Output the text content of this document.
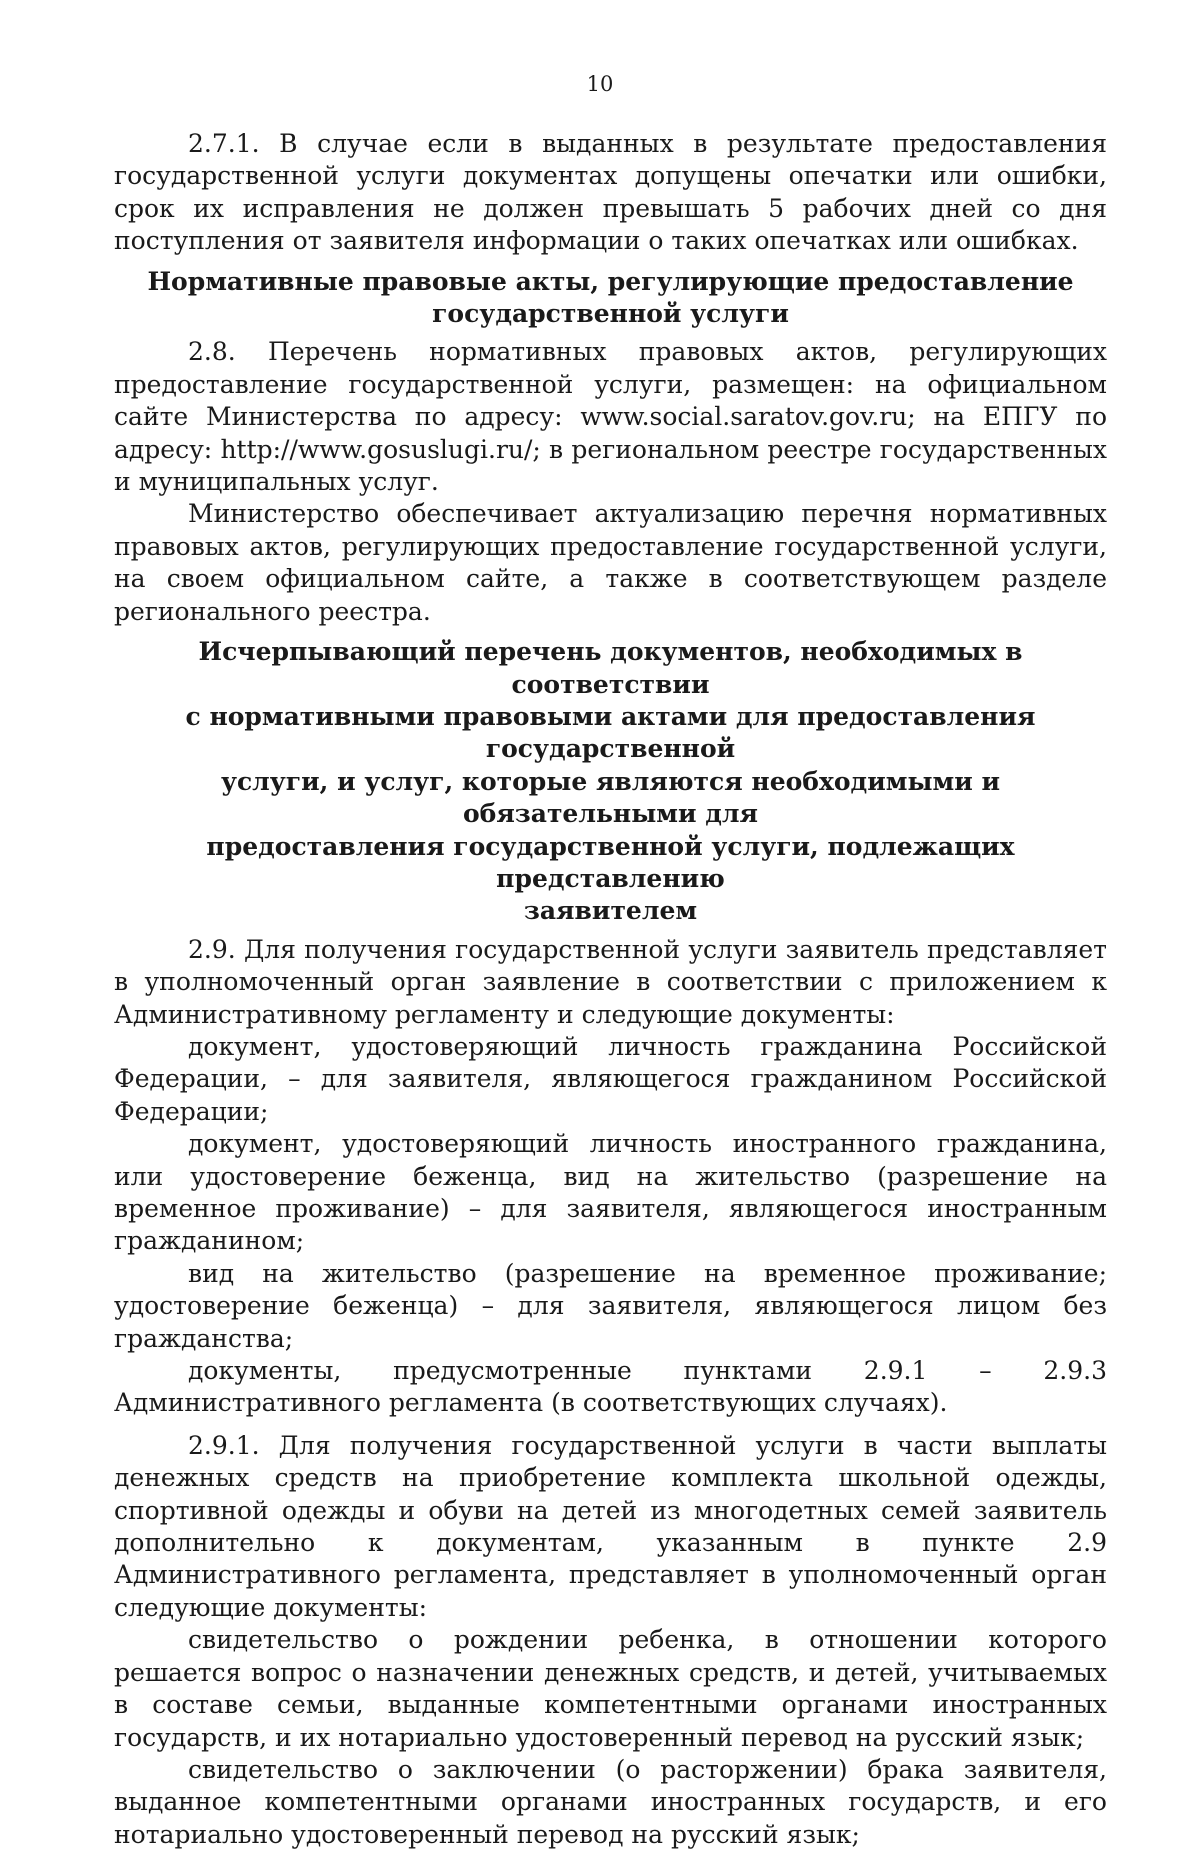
10

2.7.1. В случае если в выданных в результате предоставления государственной услуги документах допущены опечатки или ошибки, срок их исправления не должен превышать 5 рабочих дней со дня поступления от заявителя информации о таких опечатках или ошибках.

Нормативные правовые акты, регулирующие предоставление
государственной услуги

2.8. Перечень нормативных правовых актов, регулирующих предоставление государственной услуги, размещен: на официальном сайте Министерства по адресу: www.social.saratov.gov.ru; на ЕПГУ по адресу: http://www.gosuslugi.ru/; в региональном реестре государственных и муниципальных услуг.

Министерство обеспечивает актуализацию перечня нормативных правовых актов, регулирующих предоставление государственной услуги, на своем официальном сайте, а также в соответствующем разделе регионального реестра.

Исчерпывающий перечень документов, необходимых в соответствии
с нормативными правовыми актами для предоставления государственной
услуги, и услуг, которые являются необходимыми и обязательными для
предоставления государственной услуги, подлежащих представлению
заявителем

2.9. Для получения государственной услуги заявитель представляет в уполномоченный орган заявление в соответствии с приложением к Административному регламенту и следующие документы:

документ, удостоверяющий личность гражданина Российской Федерации, – для заявителя, являющегося гражданином Российской Федерации;

документ, удостоверяющий личность иностранного гражданина, или удостоверение беженца, вид на жительство (разрешение на временное проживание) – для заявителя, являющегося иностранным гражданином;

вид на жительство (разрешение на временное проживание; удостоверение беженца) – для заявителя, являющегося лицом без гражданства;

документы, предусмотренные пунктами 2.9.1 – 2.9.3 Административного регламента (в соответствующих случаях).

2.9.1. Для получения государственной услуги в части выплаты денежных средств на приобретение комплекта школьной одежды, спортивной одежды и обуви на детей из многодетных семей заявитель дополнительно к документам, указанным в пункте 2.9 Административного регламента, представляет в уполномоченный орган следующие документы:

свидетельство о рождении ребенка, в отношении которого решается вопрос о назначении денежных средств, и детей, учитываемых в составе семьи, выданные компетентными органами иностранных государств, и их нотариально удостоверенный перевод на русский язык;

свидетельство о заключении (о расторжении) брака заявителя, выданное компетентными органами иностранных государств, и его нотариально удостоверенный перевод на русский язык;
